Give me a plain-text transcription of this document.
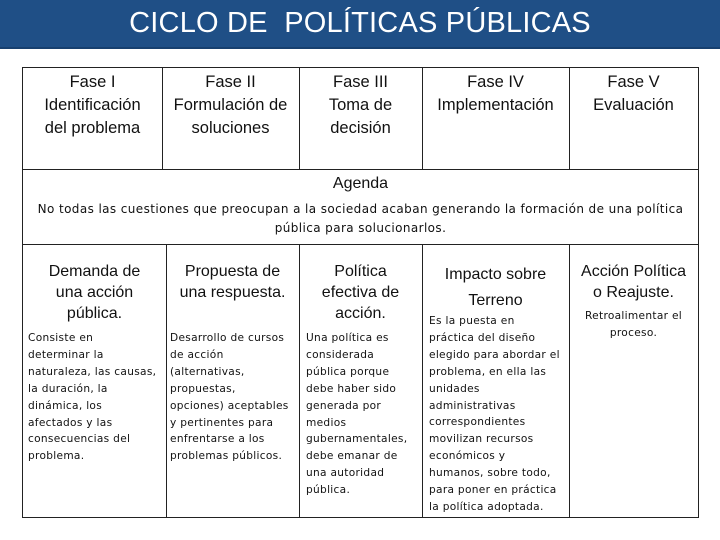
CICLO DE  POLÍTICAS PÚBLICAS
Fase I
Identificación
del problema
Fase II
Formulación de
soluciones
Fase III
Toma de
decisión
Fase IV
Implementación
Fase V
Evaluación
Agenda
No todas las cuestiones que preocupan a la sociedad acaban generando la formación de una política
pública para solucionarlos.
Demanda de
una acción
pública.
Consiste en
determinar la
naturaleza, las causas,
la duración, la
dinámica, los
afectados y las
consecuencias del
problema.
Propuesta de
una respuesta.
Desarrollo de cursos
de acción
(alternativas,
propuestas,
opciones) aceptables
y pertinentes para
enfrentarse a los
problemas públicos.
Política
efectiva de
acción.
Una política es
considerada
pública porque
debe haber sido
generada por
medios
gubernamentales,
debe emanar de
una autoridad
pública.
Impacto sobre
Terreno
Es la puesta en
práctica del diseño
elegido para abordar el
problema, en ella las
unidades
administrativas
correspondientes
movilizan recursos
económicos y
humanos, sobre todo,
para poner en práctica
la política adoptada.
Acción Política
o Reajuste.
Retroalimentar el
proceso.
